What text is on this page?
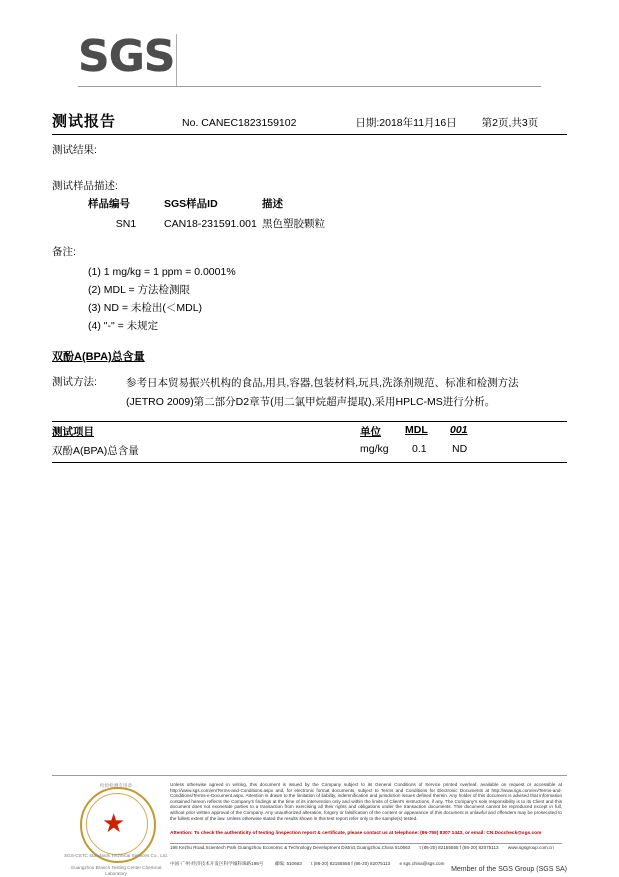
SGS
测试报告	No. CANEC1823159102	日期:2018年11月16日 第2页,共3页
测试结果:
测试样品描述:
样品编号	SGS样品ID	描述
SN1	CAN18-231591.001	黑色塑胶颗粒
备注:
(1) 1 mg/kg = 1 ppm = 0.0001%
(2) MDL = 方法检测限
(3) ND = 未检出(＜MDL)
(4) "-" = 未规定
双酚A(BPA)总含量
测试方法:	参考日本贸易振兴机构的食品,用具,容器,包装材料,玩具,洗涤剂规范、标准和检测方法(JETRO 2009)第二部分D2章节(用二氯甲烷超声提取),采用HPLC-MS进行分析。
测试项目	单位 MDL 001
双酚A(BPA)总含量	mg/kg 0.1 ND
★
检验检测专用章
SGS-CSTC Standards Technical Services Co., Ltd.
Guangzhou Branch Testing Center Chemical Laboratory
Unless otherwise agreed in writing, this document is issued by the Company subject to its General Conditions of Service printed overleaf, available on request or accessible at http://www.sgs.com/en/Terms-and-Conditions.aspx and, for electronic format documents, subject to Terms and Conditions for Electronic Documents at http://www.sgs.com/en/Terms-and-Conditions/Terms-e-Document.aspx. Attention is drawn to the limitation of liability, indemnification and jurisdiction issues defined therein. Any holder of this document is advised that information contained hereon reflects the Company's findings at the time of its intervention only and within the limits of Client's instructions, if any. The Company's sole responsibility is to its Client and this document does not exonerate parties to a transaction from exercising all their rights and obligations under the transaction documents. This document cannot be reproduced except in full, without prior written approval of the Company. Any unauthorized alteration, forgery or falsification of the content or appearance of this document is unlawful and offenders may be prosecuted to the fullest extent of the law. Unless otherwise stated the results shown in this test report refer only to the sample(s) tested.
Attention: To check the authenticity of testing /inspection report & certificate, please contact us at telephone: (86-755) 8307 1443, or email: CN.Doccheck@sgs.com
198 Kezhu Road,Scientech Park Guangzhou Economic & Technology Development District,Guangzhou,China 510663 t (86-20) 82155555 f (86-20) 82075113 www.sgsgroup.com.cn
中国·广州·经济技术开发区科学城科珠路198号 邮编: 510663 t (86-20) 82155555 f (86-20) 82075113 e sgs.china@sgs.com
Member of the SGS Group (SGS SA)
